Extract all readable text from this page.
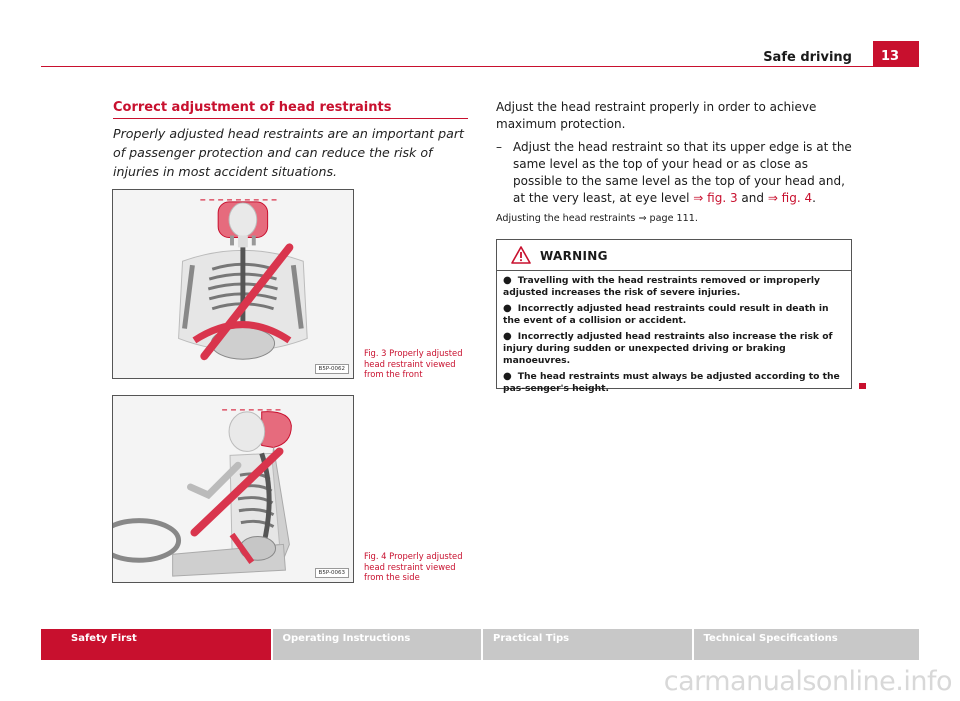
Safe driving	13
Correct adjustment of head restraints

Properly adjusted head restraints are an important part of passenger protection and can reduce the risk of injuries in most accident situations.

B5P-0062
Fig. 3 Properly adjusted head restraint viewed from the front
B5P-0063
Fig. 4 Properly adjusted head restraint viewed from the side

Adjust the head restraint properly in order to achieve maximum protection.

– Adjust the head restraint so that its upper edge is at the same level as the top of your head or as close as possible to the same level as the top of your head and, at the very least, at eye level ⇒ fig. 3 and ⇒ fig. 4.
Adjusting the head restraints ⇒ page 111.
WARNING
● Travelling with the head restraints removed or improperly adjusted increases the risk of severe injuries.
● Incorrectly adjusted head restraints could result in death in the event of a collision or accident.
● Incorrectly adjusted head restraints also increase the risk of injury during sudden or unexpected driving or braking manoeuvres.
● The head restraints must always be adjusted according to the pas-senger's height.
Safety First	Operating Instructions	Practical Tips	Technical Specifications
carmanualsonline.info
